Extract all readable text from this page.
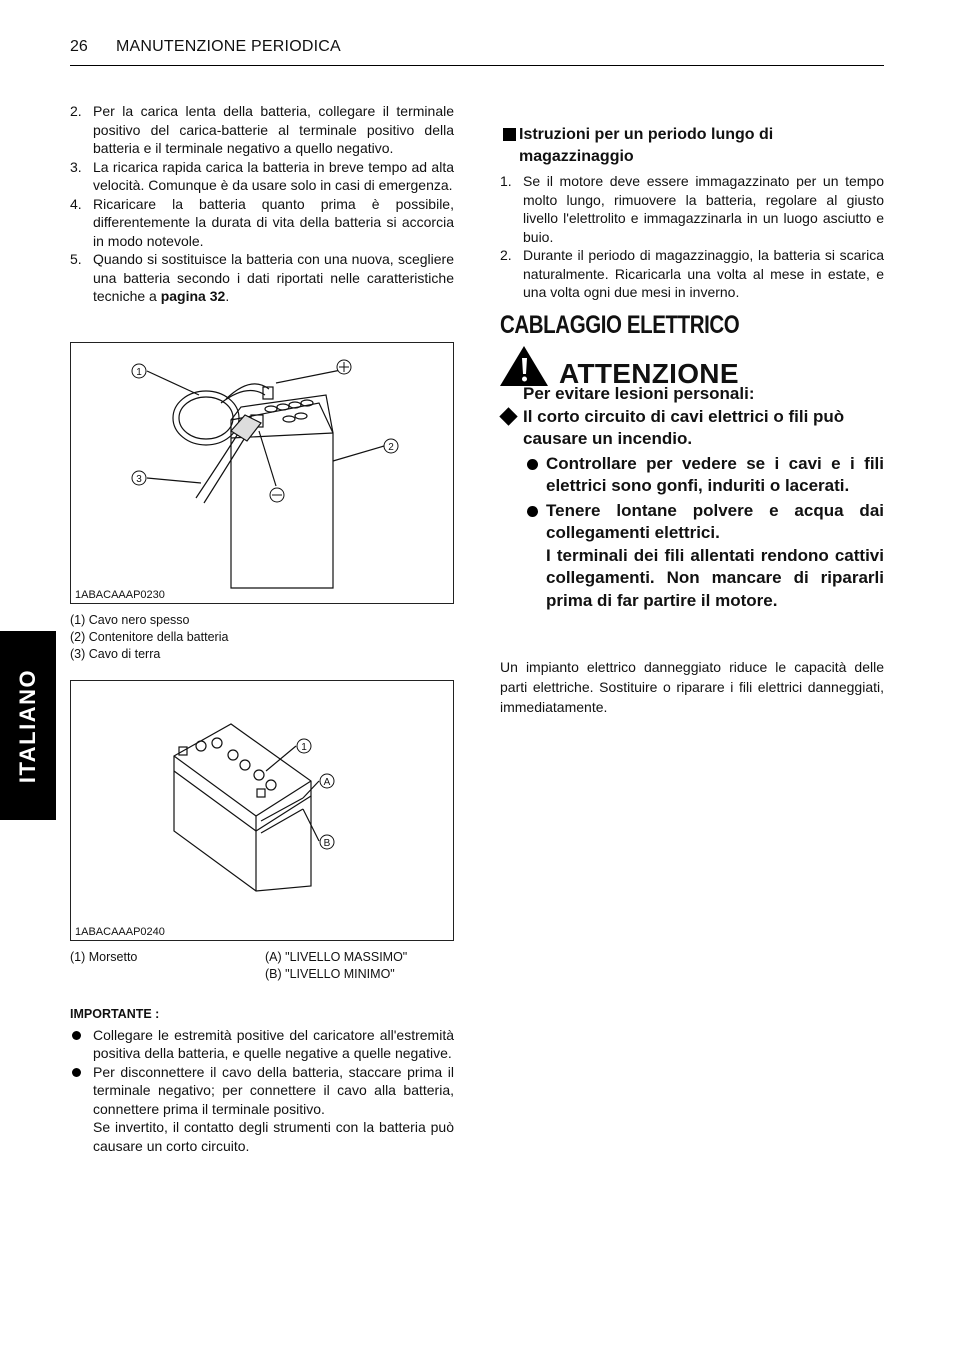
26 MANUTENZIONE PERIODICA
ITALIANO
2. Per la carica lenta della batteria, collegare il terminale positivo del carica-batterie al terminale positivo della batteria e il terminale negativo a quello negativo.
3. La ricarica rapida carica la batteria in breve tempo ad alta velocità. Comunque è da usare solo in casi di emergenza.
4. Ricaricare la batteria quanto prima è possibile, differentemente la durata di vita della batteria si accorcia in modo notevole.
5. Quando si sostituisce la batteria con una nuova, scegliere una batteria secondo i dati riportati nelle caratteristiche tecniche a pagina 32.
1
2
3
1ABACAAAP0230
(1) Cavo nero spesso
(2) Contenitore della batteria
(3) Cavo di terra
1
A
B
1ABACAAAP0240
(1) Morsetto	(A) "LIVELLO MASSIMO"
(B) "LIVELLO MINIMO"
IMPORTANTE :
Collegare le estremità positive del caricatore all'estremità positiva della batteria, e quelle negative a quelle negative.
Per disconnettere il cavo della batteria, staccare prima il terminale negativo; per connettere il cavo alla batteria, connettere prima il terminale positivo.
Se invertito, il contatto degli strumenti con la batteria può causare un corto circuito.
Istruzioni per un periodo lungo di magazzinaggio
1. Se il motore deve essere immagazzinato per un tempo molto lungo, rimuovere la batteria, regolare al giusto livello l'elettrolito e immagazzinarla in un luogo asciutto e buio.
2. Durante il periodo di magazzinaggio, la batteria si scarica naturalmente. Ricaricarla una volta al mese in estate, e una volta ogni due mesi in inverno.
CABLAGGIO ELETTRICO
ATTENZIONE
Per evitare lesioni personali:
Il corto circuito di cavi elettrici o fili può causare un incendio.
Controllare per vedere se i cavi e i fili elettrici sono gonfi, induriti o lacerati.
Tenere lontane polvere e acqua dai collegamenti elettrici.
I terminali dei fili allentati rendono cattivi collegamenti. Non mancare di ripararli prima di far partire il motore.
Un impianto elettrico danneggiato riduce le capacità delle parti elettriche. Sostituire o riparare i fili elettrici danneggiati, immediatamente.
